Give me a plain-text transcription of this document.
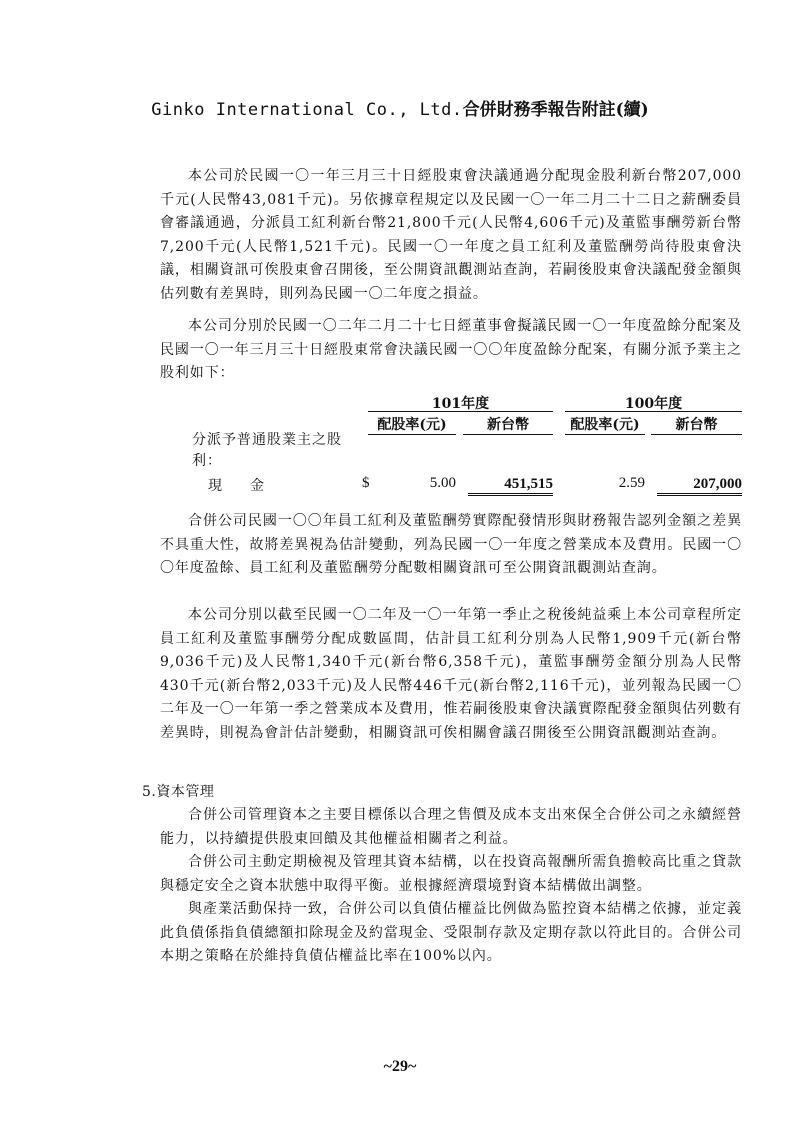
Ginko International Co., Ltd.合併財務季報告附註(續)

本公司於民國一〇一年三月三十日經股東會決議通過分配現金股利新台幣207,000千元(人民幣43,081千元)。另依據章程規定以及民國一〇一年二月二十二日之薪酬委員會審議通過，分派員工紅利新台幣21,800千元(人民幣4,606千元)及董監事酬勞新台幣7,200千元(人民幣1,521千元)。民國一〇一年度之員工紅利及董監酬勞尚待股東會決議，相關資訊可俟股東會召開後，至公開資訊觀測站查詢，若嗣後股東會決議配發金額與估列數有差異時，則列為民國一〇二年度之損益。

本公司分別於民國一〇二年二月二十七日經董事會擬議民國一〇一年度盈餘分配案及民國一〇一年三月三十日經股東常會決議民國一〇〇年度盈餘分配案，有關分派予業主之股利如下：

101年度	100年度
配股率(元)	新台幣	配股率(元)	新台幣
分派予普通股業主之股利：
現　　金	$	5.00	451,515	2.59	207,000

合併公司民國一〇〇年員工紅利及董監酬勞實際配發情形與財務報告認列金額之差異不具重大性，故將差異視為估計變動，列為民國一〇一年度之營業成本及費用。民國一〇〇年度盈餘、員工紅利及董監酬勞分配數相關資訊可至公開資訊觀測站查詢。

本公司分別以截至民國一〇二年及一〇一年第一季止之稅後純益乘上本公司章程所定員工紅利及董監事酬勞分配成數區間，估計員工紅利分別為人民幣1,909千元(新台幣9,036千元)及人民幣1,340千元(新台幣6,358千元)，董監事酬勞金額分別為人民幣430千元(新台幣2,033千元)及人民幣446千元(新台幣2,116千元)，並列報為民國一〇二年及一〇一年第一季之營業成本及費用，惟若嗣後股東會決議實際配發金額與估列數有差異時，則視為會計估計變動，相關資訊可俟相關會議召開後至公開資訊觀測站查詢。

5.資本管理

合併公司管理資本之主要目標係以合理之售價及成本支出來保全合併公司之永續經營能力，以持續提供股東回饋及其他權益相關者之利益。

合併公司主動定期檢視及管理其資本結構，以在投資高報酬所需負擔較高比重之貸款與穩定安全之資本狀態中取得平衡。並根據經濟環境對資本結構做出調整。

與產業活動保持一致，合併公司以負債佔權益比例做為監控資本結構之依據，並定義此負債係指負債總額扣除現金及約當現金、受限制存款及定期存款以符此目的。合併公司本期之策略在於維持負債佔權益比率在100%以內。

~29~
